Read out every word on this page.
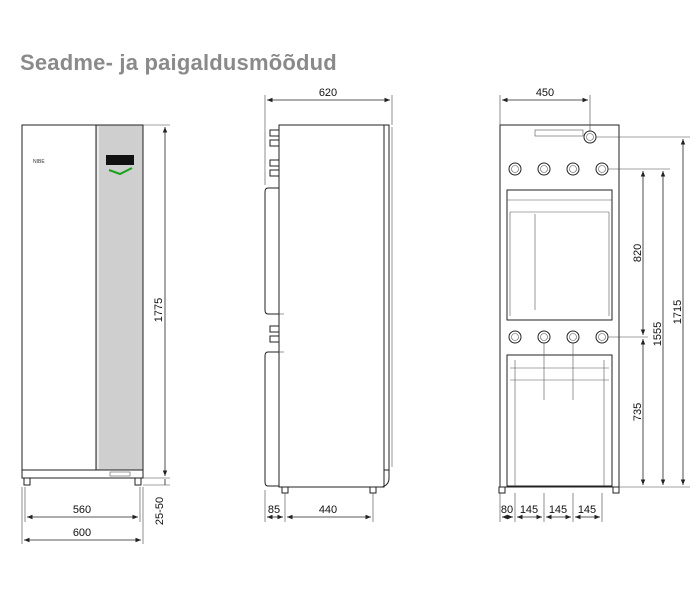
Seadme- ja paigaldusmõõdud
NIBE
1775
25-50
560
600
620
85	440
450
1715
1555
820
735
80 145 145 145
